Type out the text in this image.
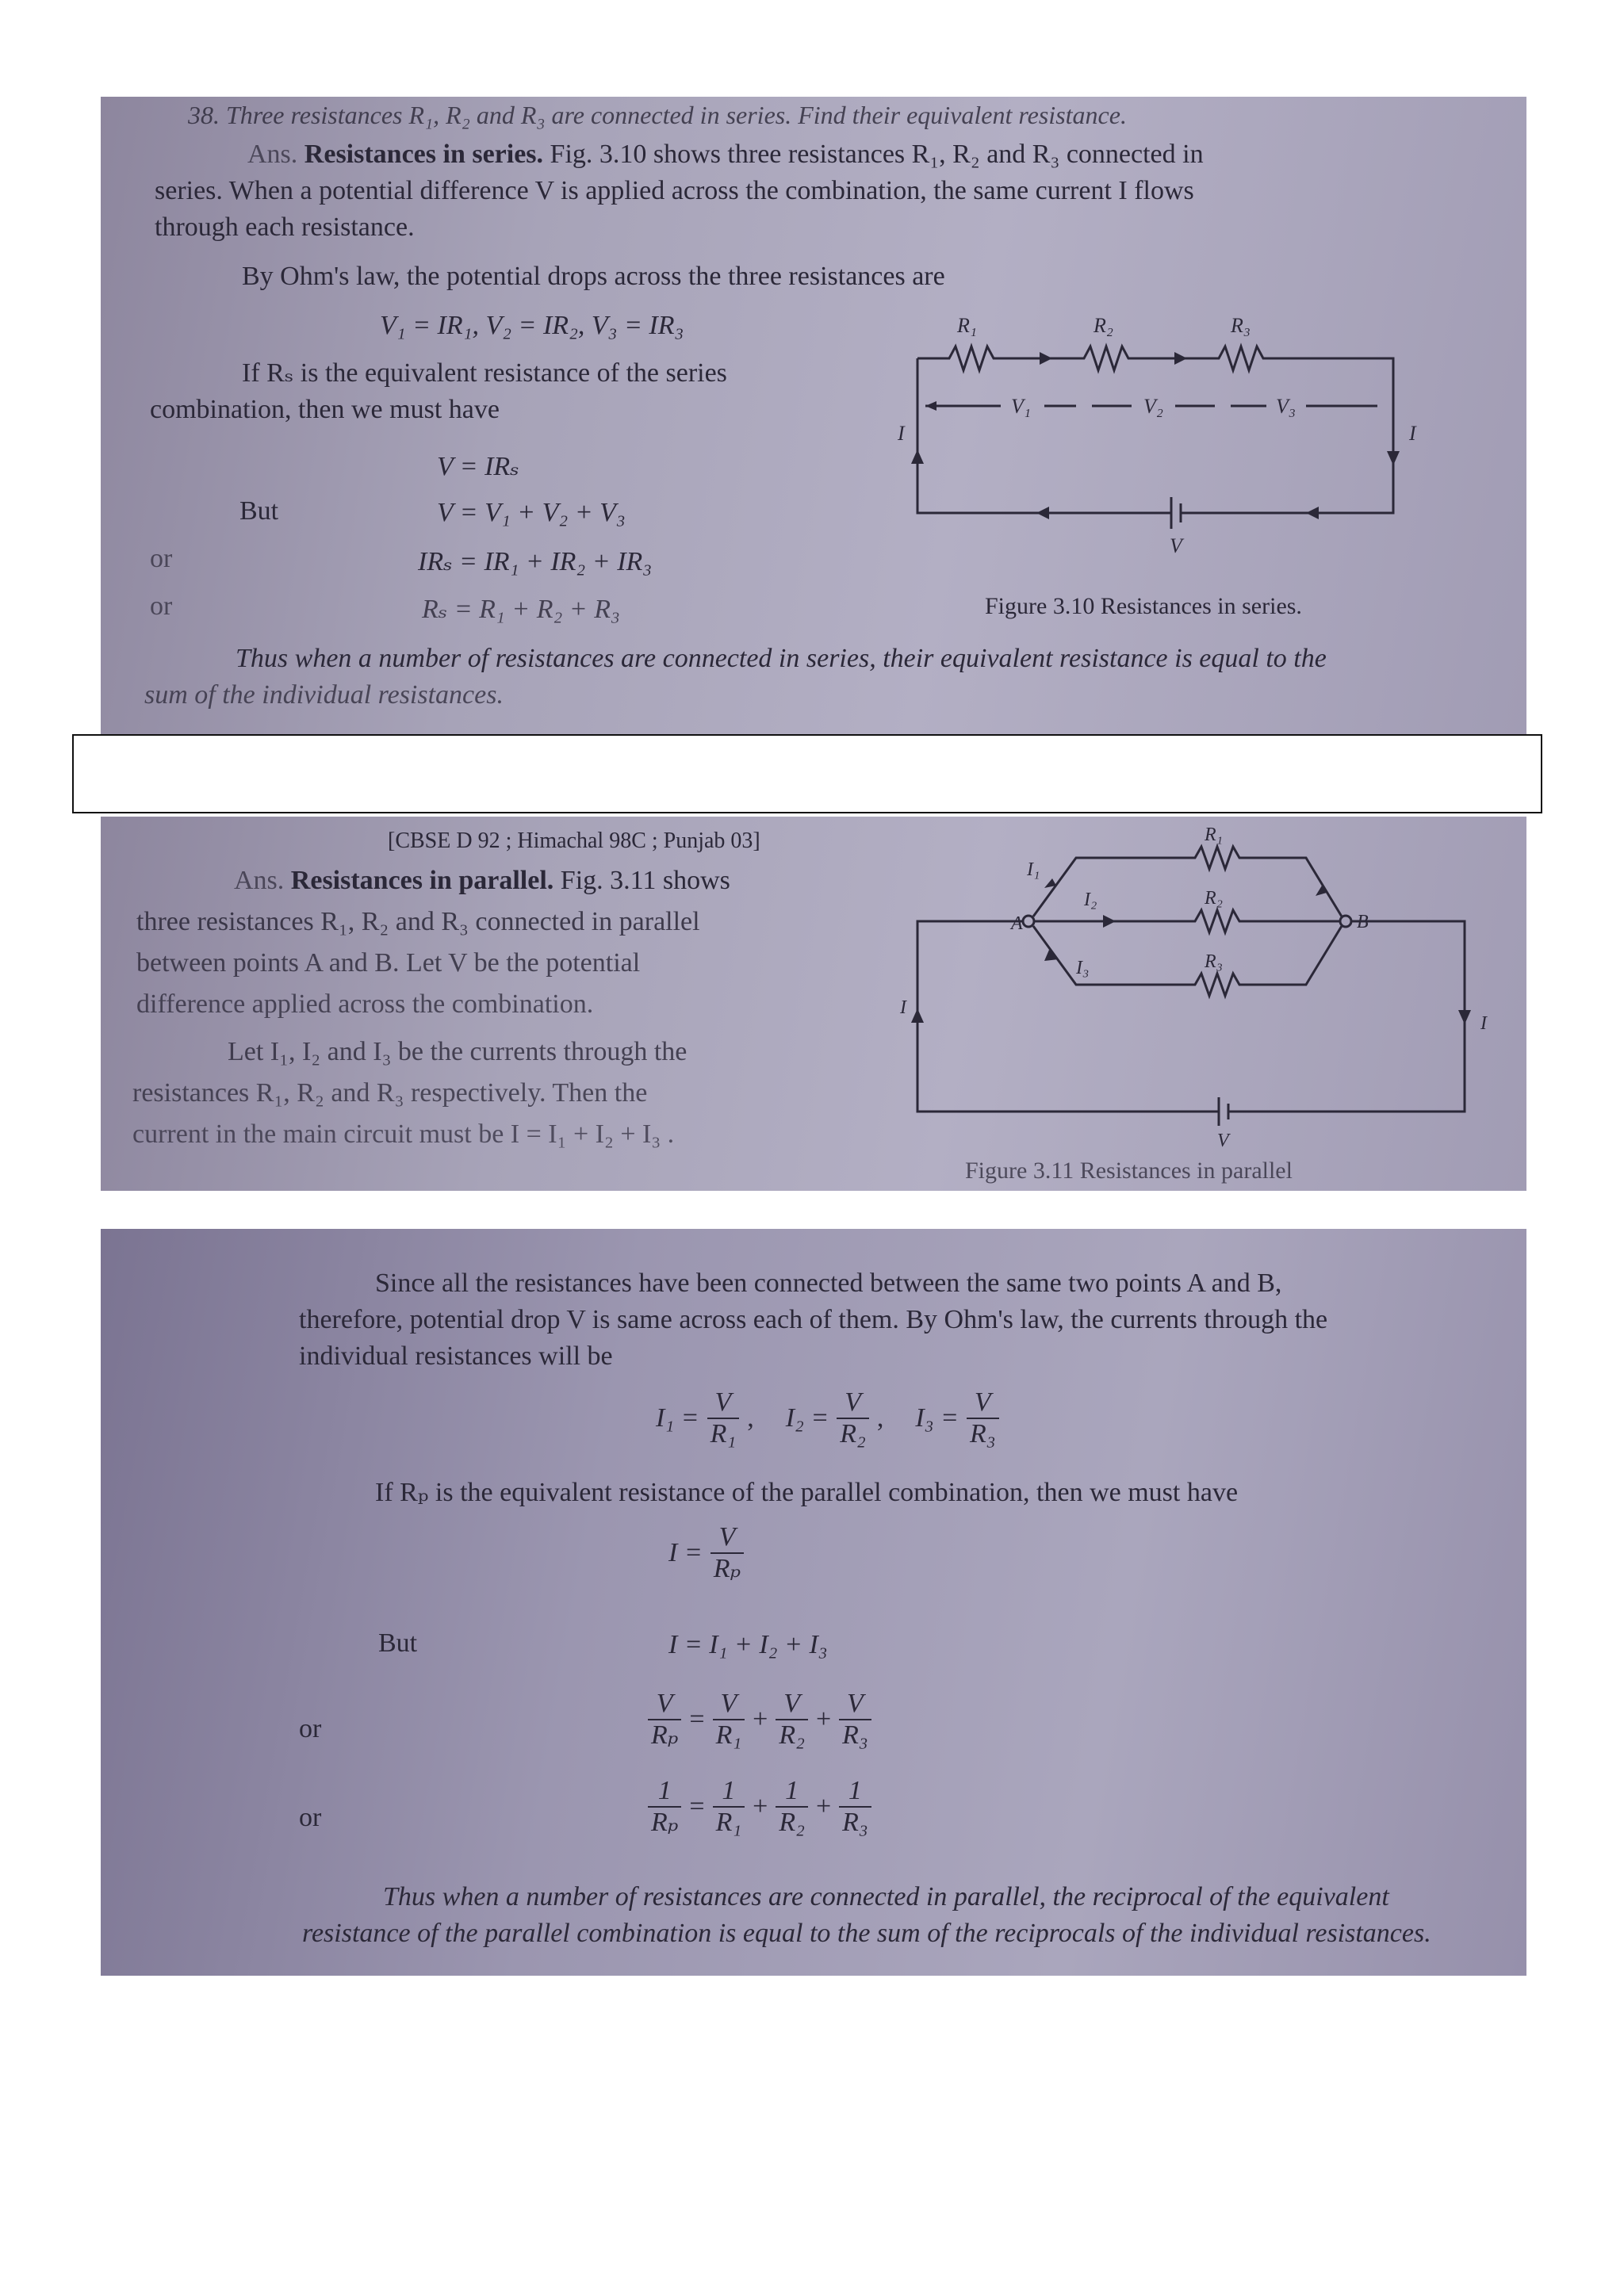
38. Three resistances R₁, R₂ and R₃ are connected in series. Find their equivalent resistance.
Ans. Resistances in series. Fig. 3.10 shows three resistances R₁, R₂ and R₃ connected in
series. When a potential difference V is applied across the combination, the same current I flows
through each resistance.
By Ohm's law, the potential drops across the three resistances are
V₁ = IR₁, V₂ = IR₂, V₃ = IR₃
If Rₛ is the equivalent resistance of the series
combination, then we must have
V = IRₛ
But	V = V₁ + V₂ + V₃
or	IRₛ = IR₁ + IR₂ + IR₃
or	Rₛ = R₁ + R₂ + R₃	Figure 3.10 Resistances in series.
Thus when a number of resistances are connected in series, their equivalent resistance is equal to the
sum of the individual resistances.
R₁	R₂	R₃
V₁	V₂	V₃
I	I
V
[CBSE D 92 ; Himachal 98C ; Punjab 03]
Ans. Resistances in parallel. Fig. 3.11 shows
three resistances R₁, R₂ and R₃ connected in parallel
between points A and B. Let V be the potential
difference applied across the combination.
Let I₁, I₂ and I₃ be the currents through the
resistances R₁, R₂ and R₃ respectively. Then the
current in the main circuit must be I = I₁ + I₂ + I₃ .
Figure 3.11 Resistances in parallel
R₁
R₂
R₃
I₁
I₂
I₃
A	B
I
I
V
Since all the resistances have been connected between the same two points A and B,
therefore, potential drop V is same across each of them. By Ohm's law, the currents through the
individual resistances will be
$I_1 = \frac{V}{\text{R₁}}$ , $I_2 = \frac{V}{\text{R₂}}$ , $I_3 = \frac{V}{\text{R₃}}$
If Rₚ is the equivalent resistance of the parallel combination, then we must have
$I = \frac{V}{\text{Rₚ}}$
But	I = I₁ + I₂ + I₃
or	$\frac{V}{\text{Rₚ}} = \frac{V}{\text{R₁}} + \frac{V}{\text{R₂}} + \frac{V}{\text{R₃}}$
or	$\frac{1}{\text{Rₚ}} = \frac{1}{\text{R₁}} + \frac{1}{\text{R₂}} + \frac{1}{\text{R₃}}$
Thus when a number of resistances are connected in parallel, the reciprocal of the equivalent
resistance of the parallel combination is equal to the sum of the reciprocals of the individual resistances.
